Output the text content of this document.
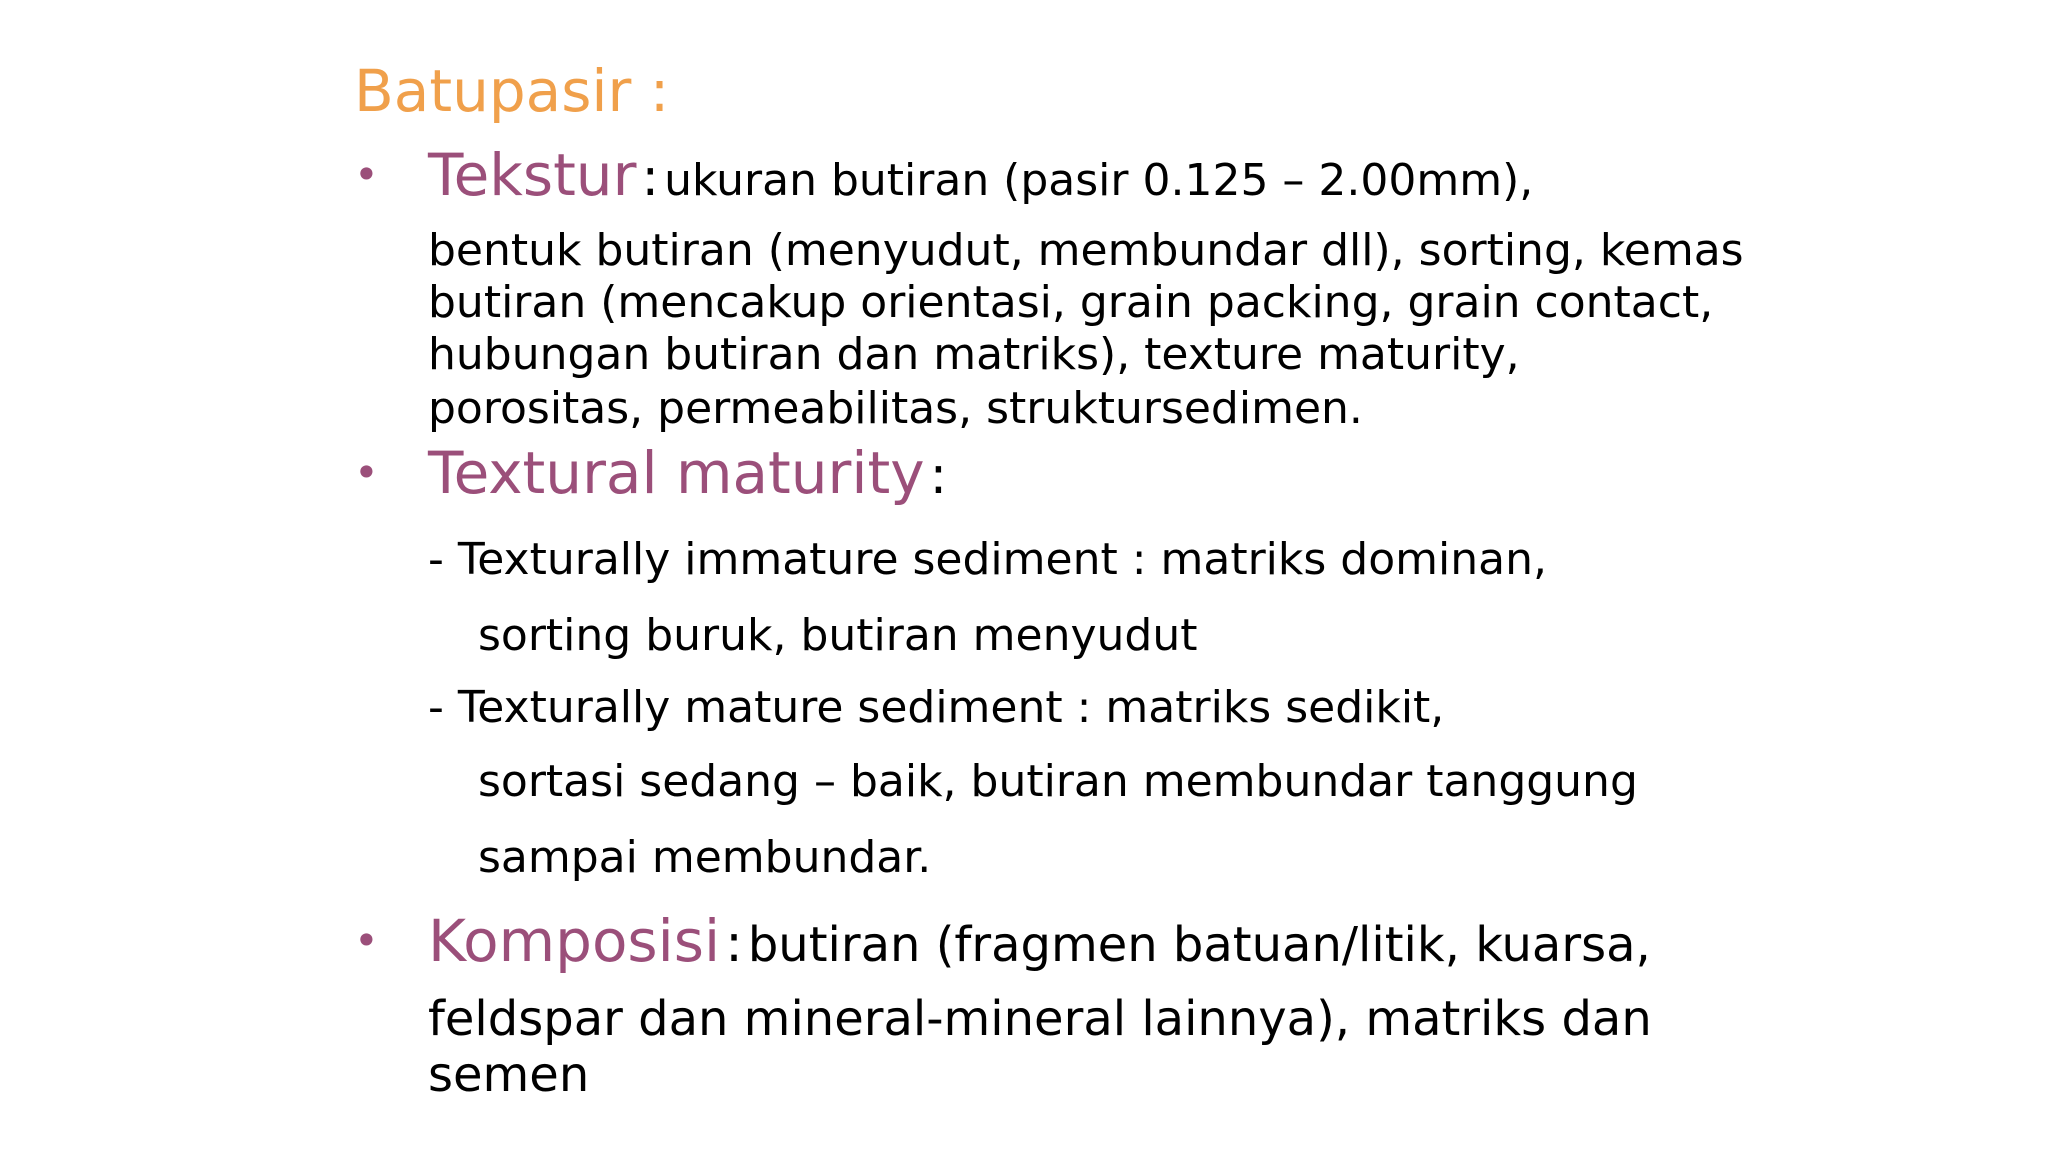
Batupasir :
• Tekstur : ukuran butiran (pasir 0.125 – 2.00mm),
bentuk butiran (menyudut, membundar dll), sorting, kemas
butiran (mencakup orientasi, grain packing, grain contact,
hubungan butiran dan matriks), texture maturity,
porositas, permeabilitas, struktursedimen.
• Textural maturity :
- Texturally immature sediment : matriks dominan,
sorting buruk, butiran menyudut
- Texturally mature sediment : matriks sedikit,
sortasi sedang – baik, butiran membundar tanggung
sampai membundar.
• Komposisi : butiran (fragmen batuan/litik, kuarsa,
feldspar dan mineral-mineral lainnya), matriks dan
semen
